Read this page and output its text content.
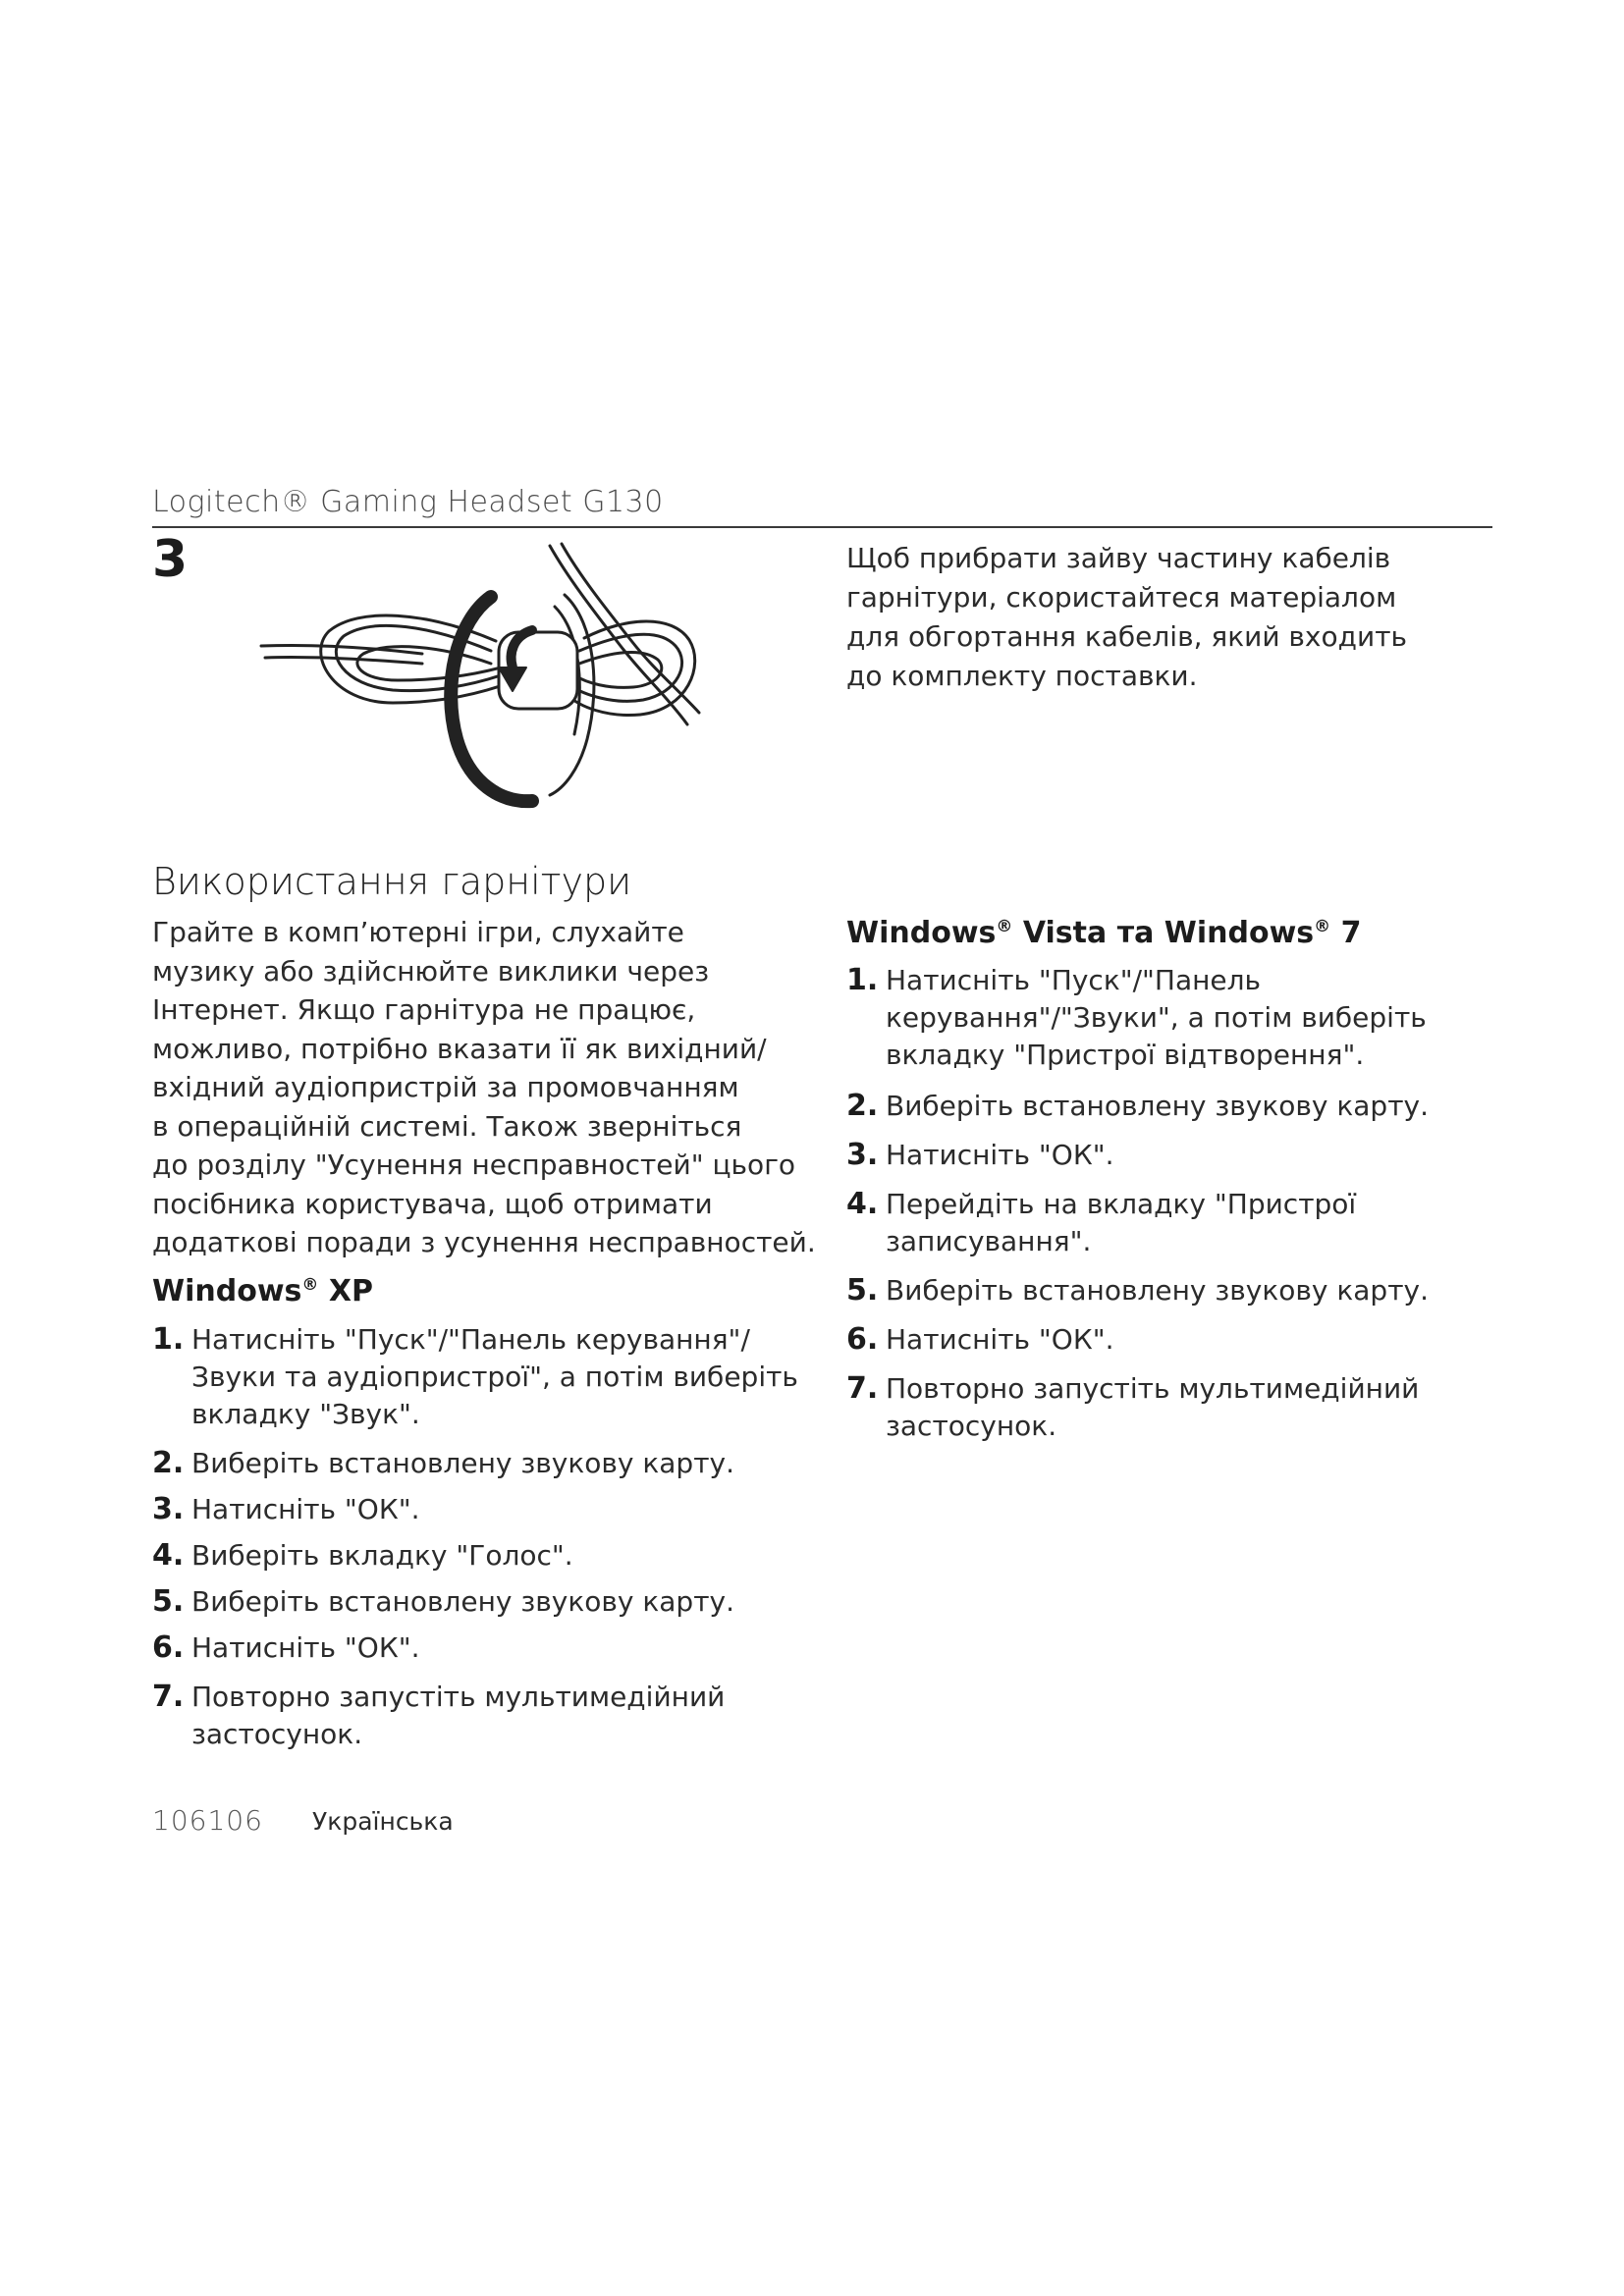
Logitech® Gaming Headset G130
3	Щоб прибрати зайву частину кабелів
гарнітури, скористайтеся матеріалом
для обгортання кабелів, який входить
до комплекту поставки.
Використання гарнітури
Грайте в комп’ютерні ігри, слухайте
музику або здійснюйте виклики через
Інтернет. Якщо гарнітура не працює,
можливо, потрібно вказати її як вихідний/
вхідний аудіопристрій за промовчанням
в операційній системі. Також зверніться
до розділу "Усунення несправностей" цього
посібника користувача, щоб отримати
додаткові поради з усунення несправностей.
Windows® XP
1. Натисніть "Пуск"/"Панель керування"/
Звуки та аудіопристрої", а потім виберіть
вкладку "Звук".
2. Виберіть встановлену звукову карту.
3. Натисніть "ОК".
4. Виберіть вкладку "Голос".
5. Виберіть встановлену звукову карту.
6. Натисніть "ОК".
7. Повторно запустіть мультимедійний
застосунок.
Windows® Vista та Windows® 7
1. Натисніть "Пуск"/"Панель
керування"/"Звуки", а потім виберіть
вкладку "Пристрої відтворення".
2. Виберіть встановлену звукову карту.
3. Натисніть "ОК".
4. Перейдіть на вкладку "Пристрої
записування".
5. Виберіть встановлену звукову карту.
6. Натисніть "ОК".
7. Повторно запустіть мультимедійний
застосунок.
106106 Українська
